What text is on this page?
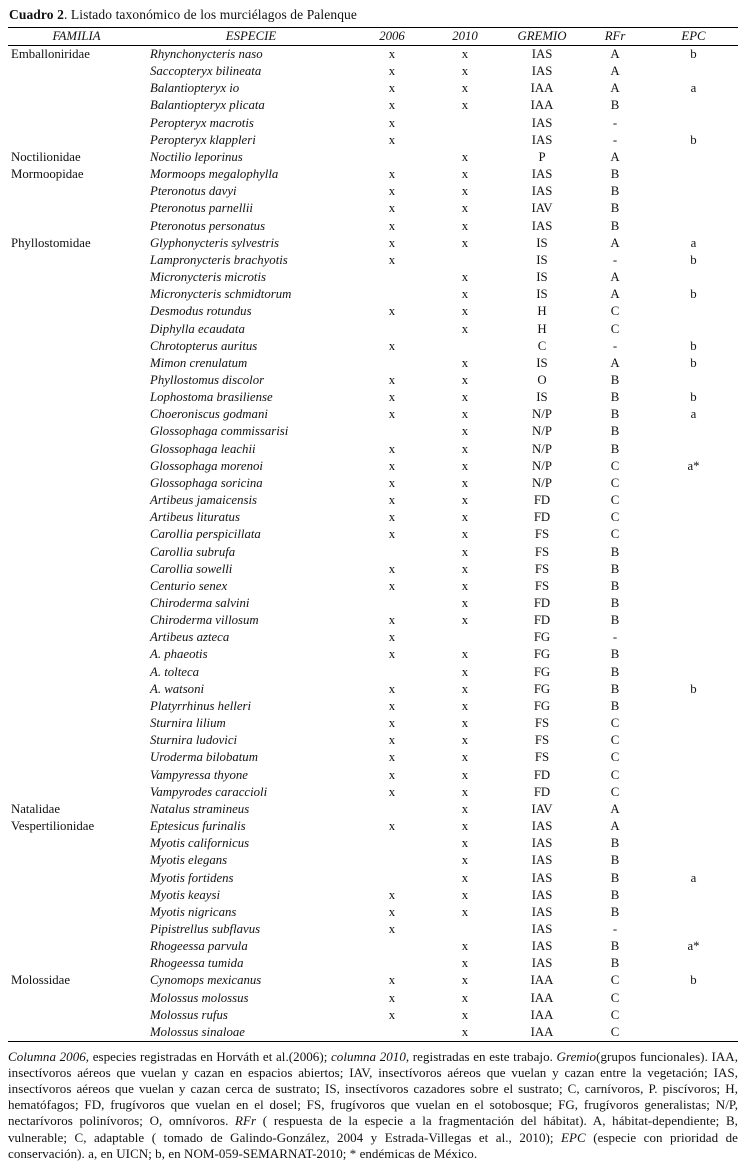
Cuadro 2. Listado taxonómico de los murciélagos de Palenque
FAMILIA	ESPECIE	2006	2010	GREMIO	RFr	EPC
Emballoniridae	Rhynchonycteris naso	x	x	IAS	A	b
	Saccopteryx bilineata	x	x	IAS	A	
	Balantiopteryx io	x	x	IAA	A	a
	Balantiopteryx plicata	x	x	IAA	B	
	Peropteryx macrotis	x		IAS	-	
	Peropteryx klappleri	x		IAS	-	b
Noctilionidae	Noctilio leporinus		x	P	A	
Mormoopidae	Mormoops megalophylla	x	x	IAS	B	
	Pteronotus davyi	x	x	IAS	B	
	Pteronotus parnellii	x	x	IAV	B	
	Pteronotus personatus	x	x	IAS	B	
Phyllostomidae	Glyphonycteris sylvestris	x	x	IS	A	a
	Lampronycteris brachyotis	x		IS	-	b
	Micronycteris microtis		x	IS	A	
	Micronycteris schmidtorum		x	IS	A	b
	Desmodus rotundus	x	x	H	C	
	Diphylla ecaudata		x	H	C	
	Chrotopterus auritus	x		C	-	b
	Mimon crenulatum		x	IS	A	b
	Phyllostomus discolor	x	x	O	B	
	Lophostoma brasiliense	x	x	IS	B	b
	Choeroniscus godmani	x	x	N/P	B	a
	Glossophaga commissarisi		x	N/P	B	
	Glossophaga leachii	x	x	N/P	B	
	Glossophaga morenoi	x	x	N/P	C	a*
	Glossophaga soricina	x	x	N/P	C	
	Artibeus jamaicensis	x	x	FD	C	
	Artibeus lituratus	x	x	FD	C	
	Carollia perspicillata	x	x	FS	C	
	Carollia subrufa		x	FS	B	
	Carollia sowelli	x	x	FS	B	
	Centurio senex	x	x	FS	B	
	Chiroderma salvini		x	FD	B	
	Chiroderma villosum	x	x	FD	B	
	Artibeus azteca	x		FG	-	
	A. phaeotis	x	x	FG	B	
	A. tolteca		x	FG	B	
	A. watsoni	x	x	FG	B	b
	Platyrrhinus helleri	x	x	FG	B	
	Sturnira lilium	x	x	FS	C	
	Sturnira ludovici	x	x	FS	C	
	Uroderma bilobatum	x	x	FS	C	
	Vampyressa thyone	x	x	FD	C	
	Vampyrodes caraccioli	x	x	FD	C	
Natalidae	Natalus stramineus		x	IAV	A	
Vespertilionidae	Eptesicus furinalis	x	x	IAS	A	
	Myotis californicus		x	IAS	B	
	Myotis elegans		x	IAS	B	
	Myotis fortidens		x	IAS	B	a
	Myotis keaysi	x	x	IAS	B	
	Myotis nigricans	x	x	IAS	B	
	Pipistrellus subflavus	x		IAS	-	
	Rhogeessa parvula		x	IAS	B	a*
	Rhogeessa tumida		x	IAS	B	
Molossidae	Cynomops mexicanus	x	x	IAA	C	b
	Molossus molossus	x	x	IAA	C	
	Molossus rufus	x	x	IAA	C	
	Molossus sinaloae		x	IAA	C	
Columna 2006, especies registradas en Horváth et al.(2006); columna 2010, registradas en este trabajo. Gremio(grupos funcionales). IAA, insectívoros aéreos que vuelan y cazan en espacios abiertos; IAV, insectívoros aéreos que vuelan y cazan entre la vegetación; IAS, insectívoros aéreos que vuelan y cazan cerca de sustrato; IS, insectívoros cazadores sobre el sustrato; C, carnívoros, P. piscívoros; H, hematófagos; FD, frugívoros que vuelan en el dosel; FS, frugívoros que vuelan en el sotobosque; FG, frugívoros generalistas; N/P, nectarívoros polinívoros; O, omnívoros. RFr ( respuesta de la especie a la fragmentación del hábitat). A, hábitat-dependiente; B, vulnerable; C, adaptable ( tomado de Galindo-González, 2004 y Estrada-Villegas et al., 2010); EPC (especie con prioridad de conservación). a, en UICN; b, en NOM-059-SEMARNAT-2010; * endémicas de México.
